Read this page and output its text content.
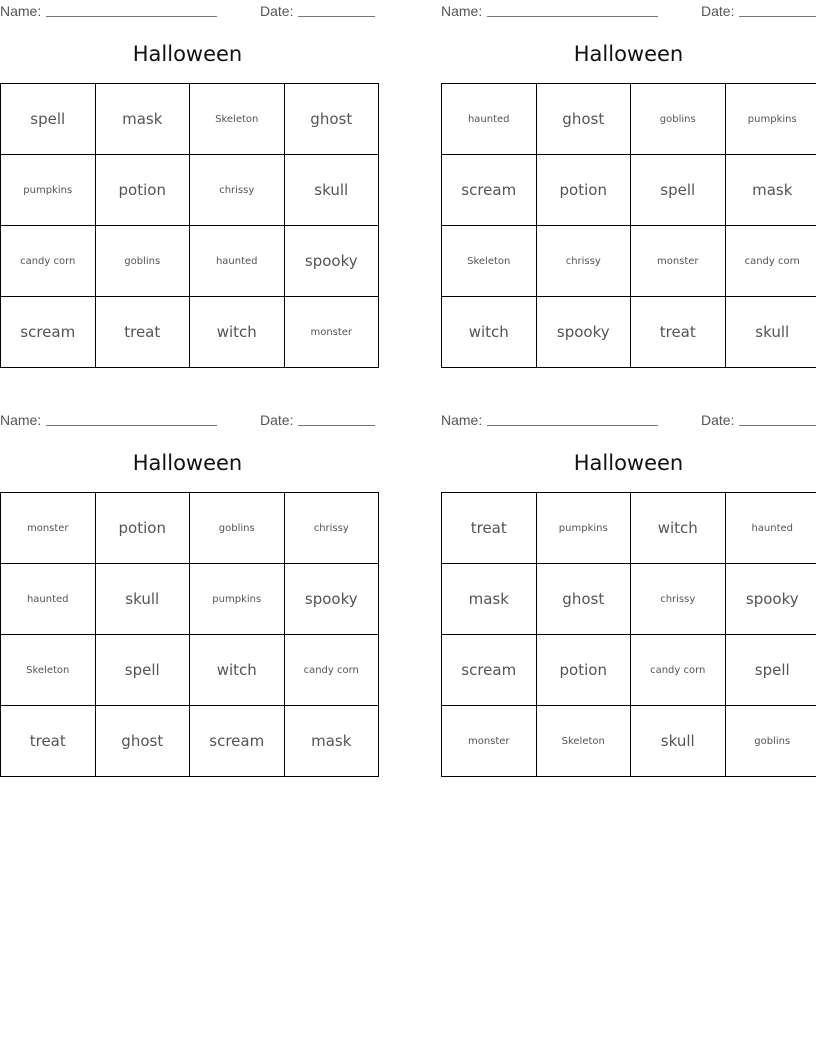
Name:	Date:
Halloween
spell	mask	Skeleton	ghost
pumpkins	potion	chrissy	skull
candy corn	goblins	haunted	spooky
scream	treat	witch	monster
Name:	Date:
Halloween
haunted	ghost	goblins	pumpkins
scream	potion	spell	mask
Skeleton	chrissy	monster	candy corn
witch	spooky	treat	skull
Name:	Date:
Halloween
monster	potion	goblins	chrissy
haunted	skull	pumpkins	spooky
Skeleton	spell	witch	candy corn
treat	ghost	scream	mask
Name:	Date:
Halloween
treat	pumpkins	witch	haunted
mask	ghost	chrissy	spooky
scream	potion	candy corn	spell
monster	Skeleton	skull	goblins
